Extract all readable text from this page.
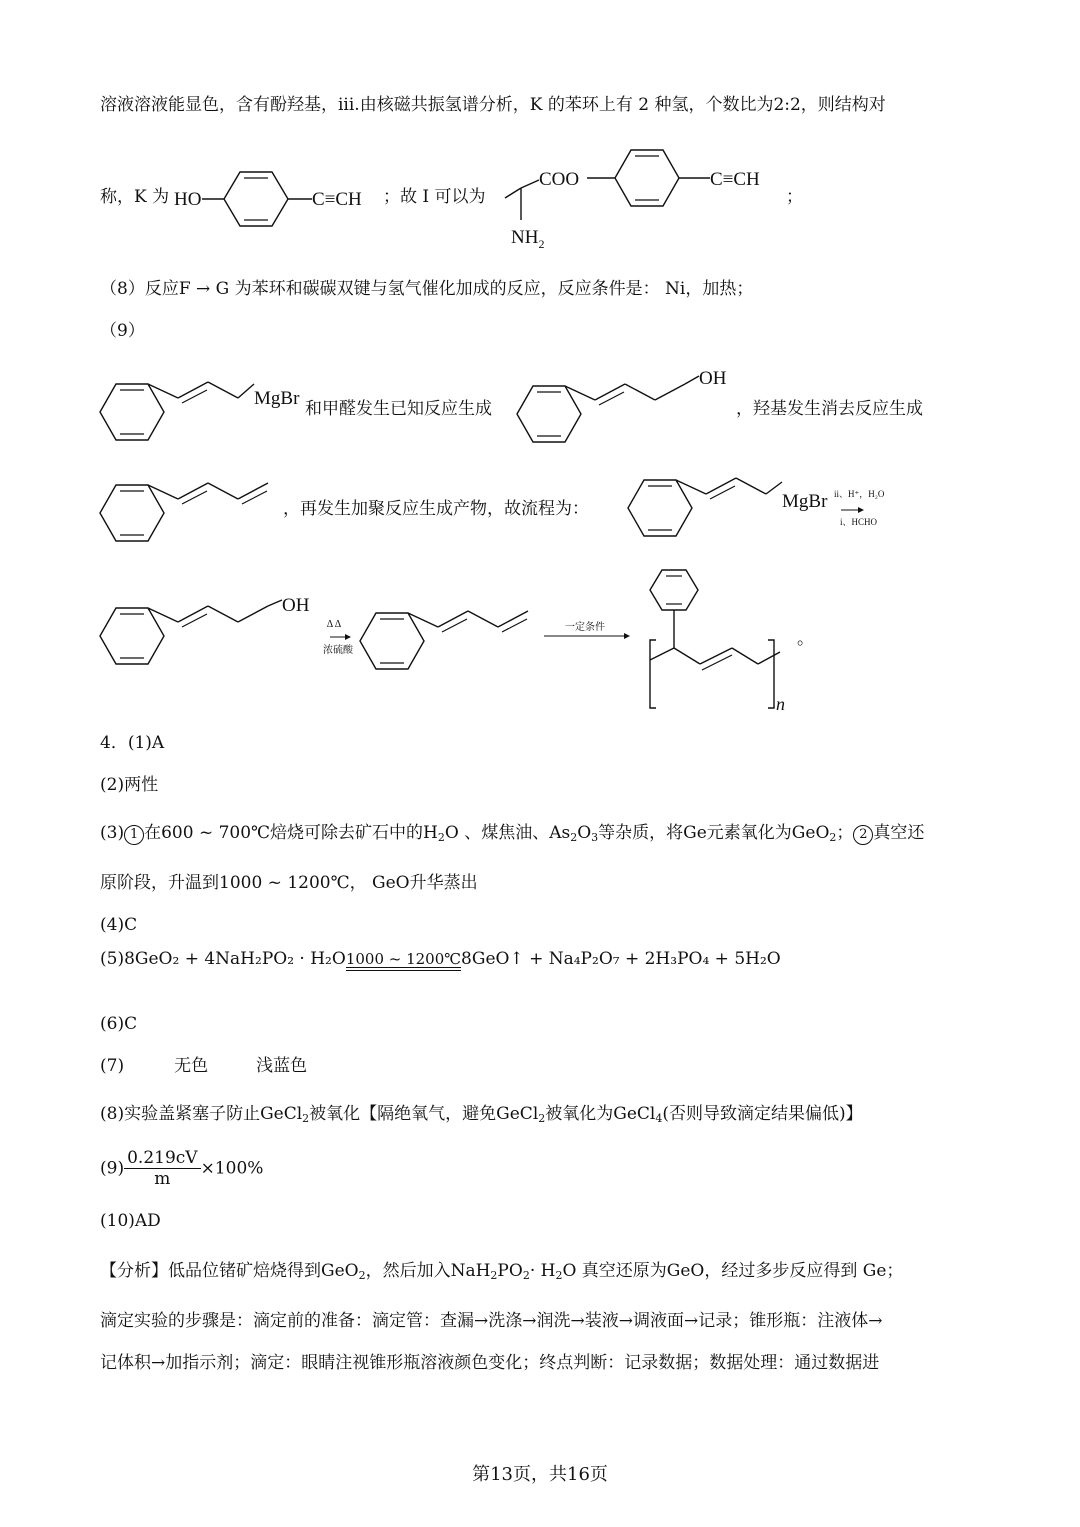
溶液溶液能显色，含有酚羟基，iii.由核磁共振氢谱分析，K 的苯环上有 2 种氢，个数比为2:2，则结构对
称，K 为 HO	C≡CH ；故 I 可以为
COO
$NH_2$
C≡CH
；
（8）反应F → G 为苯环和碳碳双键与氢气催化加成的反应，反应条件是： Ni，加热；
（9）
MgBr 和甲醛发生已知反应生成
OH
，羟基发生消去反应生成
，再发生加聚反应生成产物，故流程为：	MgBr ii、H⁺，H₂O
i、HCHO
OH
Δ Δ
浓硫酸
一定条件
n
。
4．(1)A
(2)两性
(3) 1 在600 ~ 700℃焙烧可除去矿石中的$H_2O$ 、煤焦油、$As_2O_3$等杂质，将Ge元素氧化为GeO$_2$； 2 真空还
原阶段，升温到1000 ~ 1200℃， GeO升华蒸出
(4)C
(5)8GeO₂ + 4NaH₂PO₂ · H₂O 1000 ~ 1200℃ 8GeO↑ + Na₄P₂O₇ + 2H₃PO₄ + 5H₂O
(6)C
(7)	无色	浅蓝色
(8)实验盖紧塞子防止GeCl$_2$被氧化【隔绝氧气，避免GeCl$_2$被氧化为GeCl$_4$(否则导致滴定结果偏低)】
$(9) \frac{0.219cV}{m} \times 100\%$
(10)AD
【分析】低品位锗矿焙烧得到GeO$_2$，然后加入$NaH_2PO_2\cdot H_2O$ 真空还原为GeO，经过多步反应得到 Ge；
滴定实验的步骤是：滴定前的准备：滴定管：查漏→洗涤→润洗→装液→调液面→记录；锥形瓶：注液体→
记体积→加指示剂；滴定：眼睛注视锥形瓶溶液颜色变化；终点判断：记录数据；数据处理：通过数据进
第13页，共16页
